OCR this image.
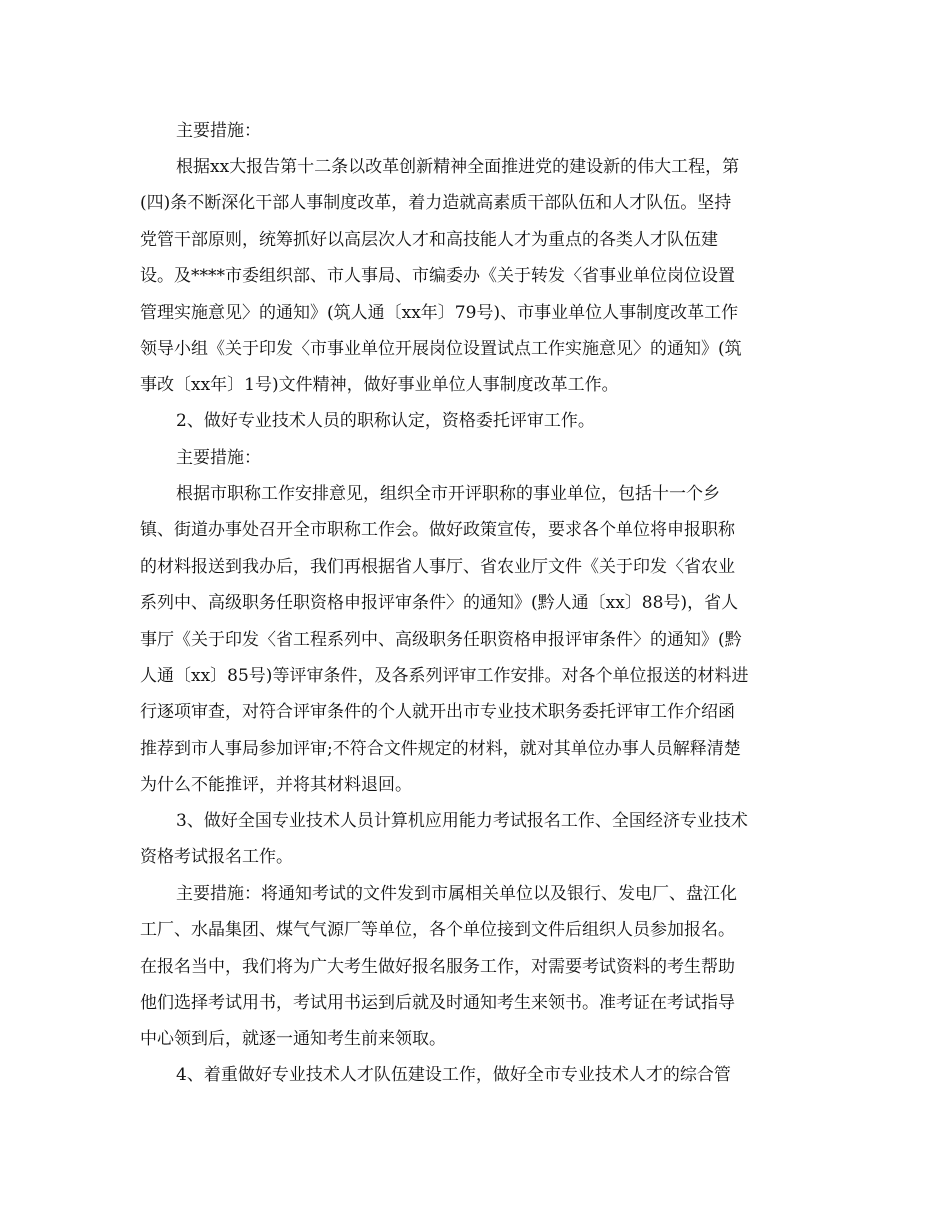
主要措施：
根据xx大报告第十二条以改革创新精神全面推进党的建设新的伟大工程，第
(四)条不断深化干部人事制度改革，着力造就高素质干部队伍和人才队伍。坚持
党管干部原则，统筹抓好以高层次人才和高技能人才为重点的各类人才队伍建
设。及****市委组织部、市人事局、市编委办《关于转发〈省事业单位岗位设置
管理实施意见〉的通知》(筑人通〔xx年〕79号)、市事业单位人事制度改革工作
领导小组《关于印发〈市事业单位开展岗位设置试点工作实施意见〉的通知》(筑
事改〔xx年〕1号)文件精神，做好事业单位人事制度改革工作。
2、做好专业技术人员的职称认定，资格委托评审工作。
主要措施：
根据市职称工作安排意见，组织全市开评职称的事业单位，包括十一个乡
镇、街道办事处召开全市职称工作会。做好政策宣传，要求各个单位将申报职称
的材料报送到我办后，我们再根据省人事厅、省农业厅文件《关于印发〈省农业
系列中、高级职务任职资格申报评审条件〉的通知》(黔人通〔xx〕88号)，省人
事厅《关于印发〈省工程系列中、高级职务任职资格申报评审条件〉的通知》(黔
人通〔xx〕85号)等评审条件，及各系列评审工作安排。对各个单位报送的材料进
行逐项审查，对符合评审条件的个人就开出市专业技术职务委托评审工作介绍函
推荐到市人事局参加评审;不符合文件规定的材料，就对其单位办事人员解释清楚
为什么不能推评，并将其材料退回。
3、做好全国专业技术人员计算机应用能力考试报名工作、全国经济专业技术
资格考试报名工作。
主要措施：将通知考试的文件发到市属相关单位以及银行、发电厂、盘江化
工厂、水晶集团、煤气气源厂等单位，各个单位接到文件后组织人员参加报名。
在报名当中，我们将为广大考生做好报名服务工作，对需要考试资料的考生帮助
他们选择考试用书，考试用书运到后就及时通知考生来领书。准考证在考试指导
中心领到后，就逐一通知考生前来领取。
4、着重做好专业技术人才队伍建设工作，做好全市专业技术人才的综合管
